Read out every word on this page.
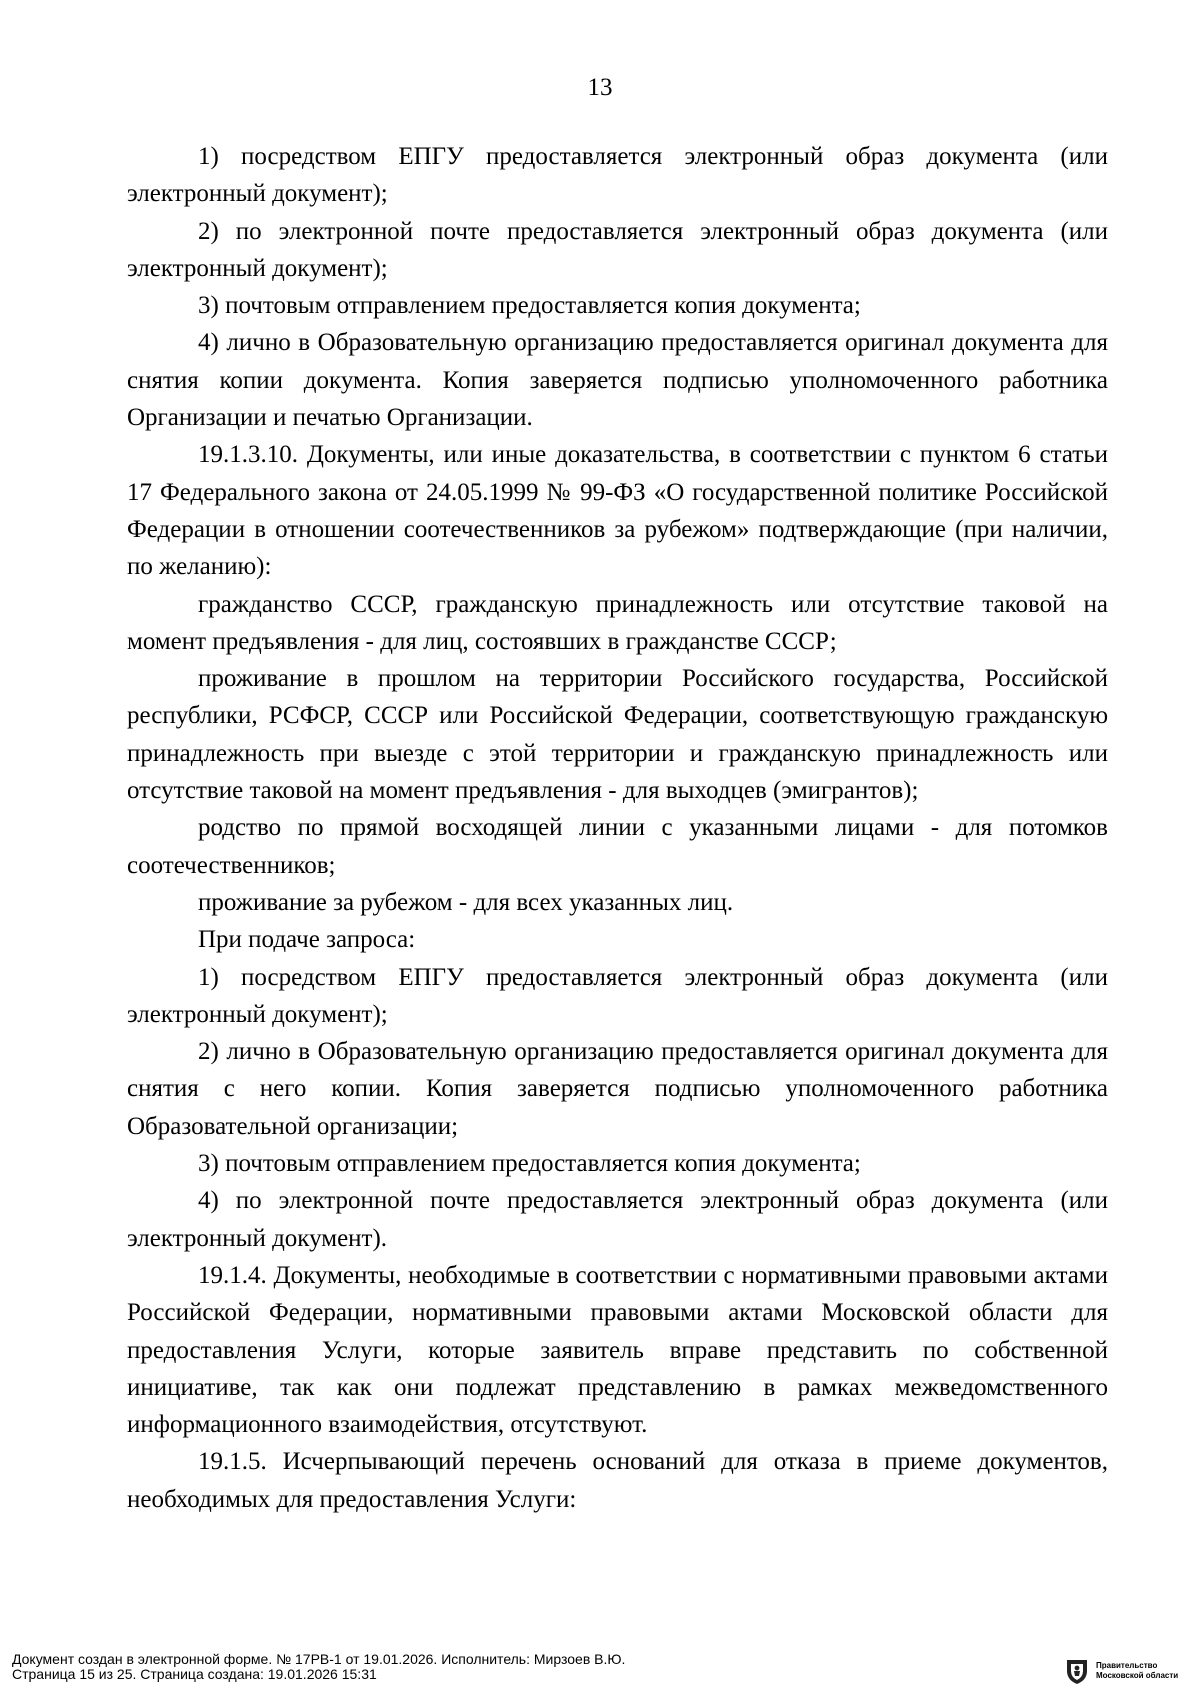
13

1) посредством ЕПГУ предоставляется электронный образ документа (или электронный документ);

2) по электронной почте предоставляется электронный образ документа (или электронный документ);

3) почтовым отправлением предоставляется копия документа;

4) лично в Образовательную организацию предоставляется оригинал документа для снятия копии документа. Копия заверяется подписью уполномоченного работника Организации и печатью Организации.

19.1.3.10. Документы, или иные доказательства, в соответствии с пунктом 6 статьи 17 Федерального закона от 24.05.1999 № 99-ФЗ «О государственной политике Российской Федерации в отношении соотечественников за рубежом» подтверждающие (при наличии, по желанию):

гражданство СССР, гражданскую принадлежность или отсутствие таковой на момент предъявления - для лиц, состоявших в гражданстве СССР;

проживание в прошлом на территории Российского государства, Российской республики, РСФСР, СССР или Российской Федерации, соответствующую гражданскую принадлежность при выезде с этой территории и гражданскую принадлежность или отсутствие таковой на момент предъявления - для выходцев (эмигрантов);

родство по прямой восходящей линии с указанными лицами - для потомков соотечественников;

проживание за рубежом - для всех указанных лиц.

При подаче запроса:

1) посредством ЕПГУ предоставляется электронный образ документа (или электронный документ);

2) лично в Образовательную организацию предоставляется оригинал документа для снятия с него копии. Копия заверяется подписью уполномоченного работника Образовательной организации;

3) почтовым отправлением предоставляется копия документа;

4) по электронной почте предоставляется электронный образ документа (или электронный документ).

19.1.4. Документы, необходимые в соответствии с нормативными правовыми актами Российской Федерации, нормативными правовыми актами Московской области для предоставления Услуги, которые заявитель вправе представить по собственной инициативе, так как они подлежат представлению в рамках межведомственного информационного взаимодействия, отсутствуют.

19.1.5. Исчерпывающий перечень оснований для отказа в приеме документов, необходимых для предоставления Услуги:

Документ создан в электронной форме. № 17РВ-1 от 19.01.2026. Исполнитель: Мирзоев В.Ю.
Страница 15 из 25. Страница создана: 19.01.2026 15:31
Правительство
Московской области
